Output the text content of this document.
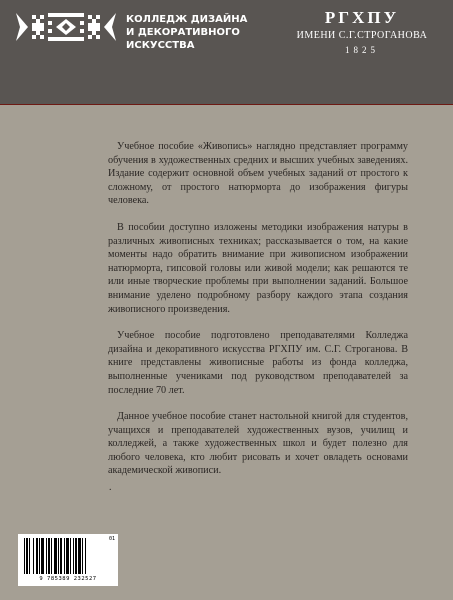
КОЛЛЕДЖ ДИЗАЙНА
И ДЕКОРАТИВНОГО
ИСКУССТВА
РГХПУ
ИМЕНИ С.Г.СТРОГАНОВА
1825

Учебное пособие «Живопись» наглядно представляет программу обучения в художественных средних и высших учебных заведениях. Издание содержит основной объем учебных заданий от простого к сложному, от простого натюрморта до изображения фигуры человека.

В пособии доступно изложены методики изображения натуры в различных живописных техниках; рассказывается о том, на какие моменты надо обратить внимание при живописном изображении натюрморта, гипсовой головы или живой модели; как решаются те или иные творческие проблемы при выполнении заданий. Большое внимание уделено подробному разбору каждого этапа создания живописного произведения.

Учебное пособие подготовлено преподавателями Колледжа дизайна и декоративного искусства РГХПУ им. С.Г. Строганова. В книге представлены живописные работы из фонда колледжа, выполненные учениками под руководством преподавателей за последние 70 лет.

Данное учебное пособие станет настольной книгой для студентов, учащихся и преподавателей художественных вузов, училищ и колледжей, а также художественных школ и будет полезно для любого человека, кто любит рисовать и хочет овладеть основами академической живописи.

.
9 785389 232527
01
